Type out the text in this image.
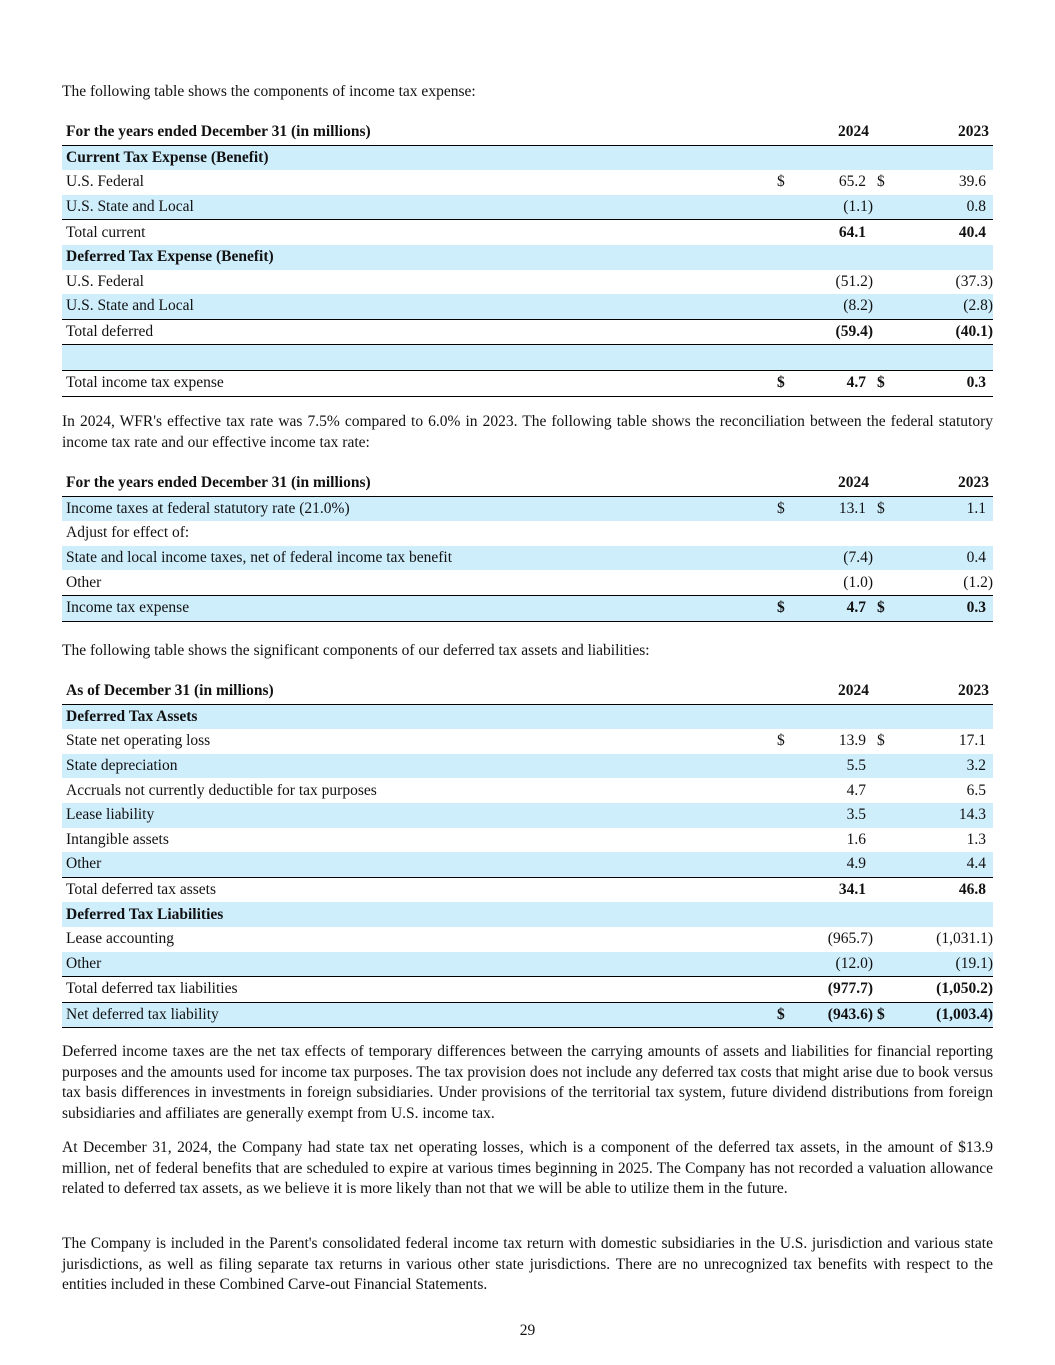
The following table shows the components of income tax expense:
For the years ended December 31 (in millions)		2024		2023
Current Tax Expense (Benefit)				
U.S. Federal	$	65.2	$	39.6
U.S. State and Local		(1.1)		0.8
Total current		64.1		40.4
Deferred Tax Expense (Benefit)				
U.S. Federal		(51.2)		(37.3)
U.S. State and Local		(8.2)		(2.8)
Total deferred		(59.4)		(40.1)

Total income tax expense	$	4.7	$	0.3

In 2024, WFR's effective tax rate was 7.5% compared to 6.0% in 2023. The following table shows the reconciliation between the federal statutory income tax rate and our effective income tax rate:

For the years ended December 31 (in millions)		2024		2023
Income taxes at federal statutory rate (21.0%)	$	13.1	$	1.1
Adjust for effect of:				
State and local income taxes, net of federal income tax benefit		(7.4)		0.4
Other		(1.0)		(1.2)
Income tax expense	$	4.7	$	0.3
The following table shows the significant components of our deferred tax assets and liabilities:
As of December 31 (in millions)		2024		2023
Deferred Tax Assets				
State net operating loss	$	13.9	$	17.1
State depreciation		5.5		3.2
Accruals not currently deductible for tax purposes		4.7		6.5
Lease liability		3.5		14.3
Intangible assets		1.6		1.3
Other		4.9		4.4
Total deferred tax assets		34.1		46.8
Deferred Tax Liabilities				
Lease accounting		(965.7)		(1,031.1)
Other		(12.0)		(19.1)
Total deferred tax liabilities		(977.7)		(1,050.2)
Net deferred tax liability	$	(943.6)	$	(1,003.4)

Deferred income taxes are the net tax effects of temporary differences between the carrying amounts of assets and liabilities for financial reporting purposes and the amounts used for income tax purposes. The tax provision does not include any deferred tax costs that might arise due to book versus tax basis differences in investments in foreign subsidiaries. Under provisions of the territorial tax system, future dividend distributions from foreign subsidiaries and affiliates are generally exempt from U.S. income tax.

At December 31, 2024, the Company had state tax net operating losses, which is a component of the deferred tax assets, in the amount of $13.9 million, net of federal benefits that are scheduled to expire at various times beginning in 2025. The Company has not recorded a valuation allowance related to deferred tax assets, as we believe it is more likely than not that we will be able to utilize them in the future.

The Company is included in the Parent's consolidated federal income tax return with domestic subsidiaries in the U.S. jurisdiction and various state jurisdictions, as well as filing separate tax returns in various other state jurisdictions. There are no unrecognized tax benefits with respect to the entities included in these Combined Carve-out Financial Statements.

29
